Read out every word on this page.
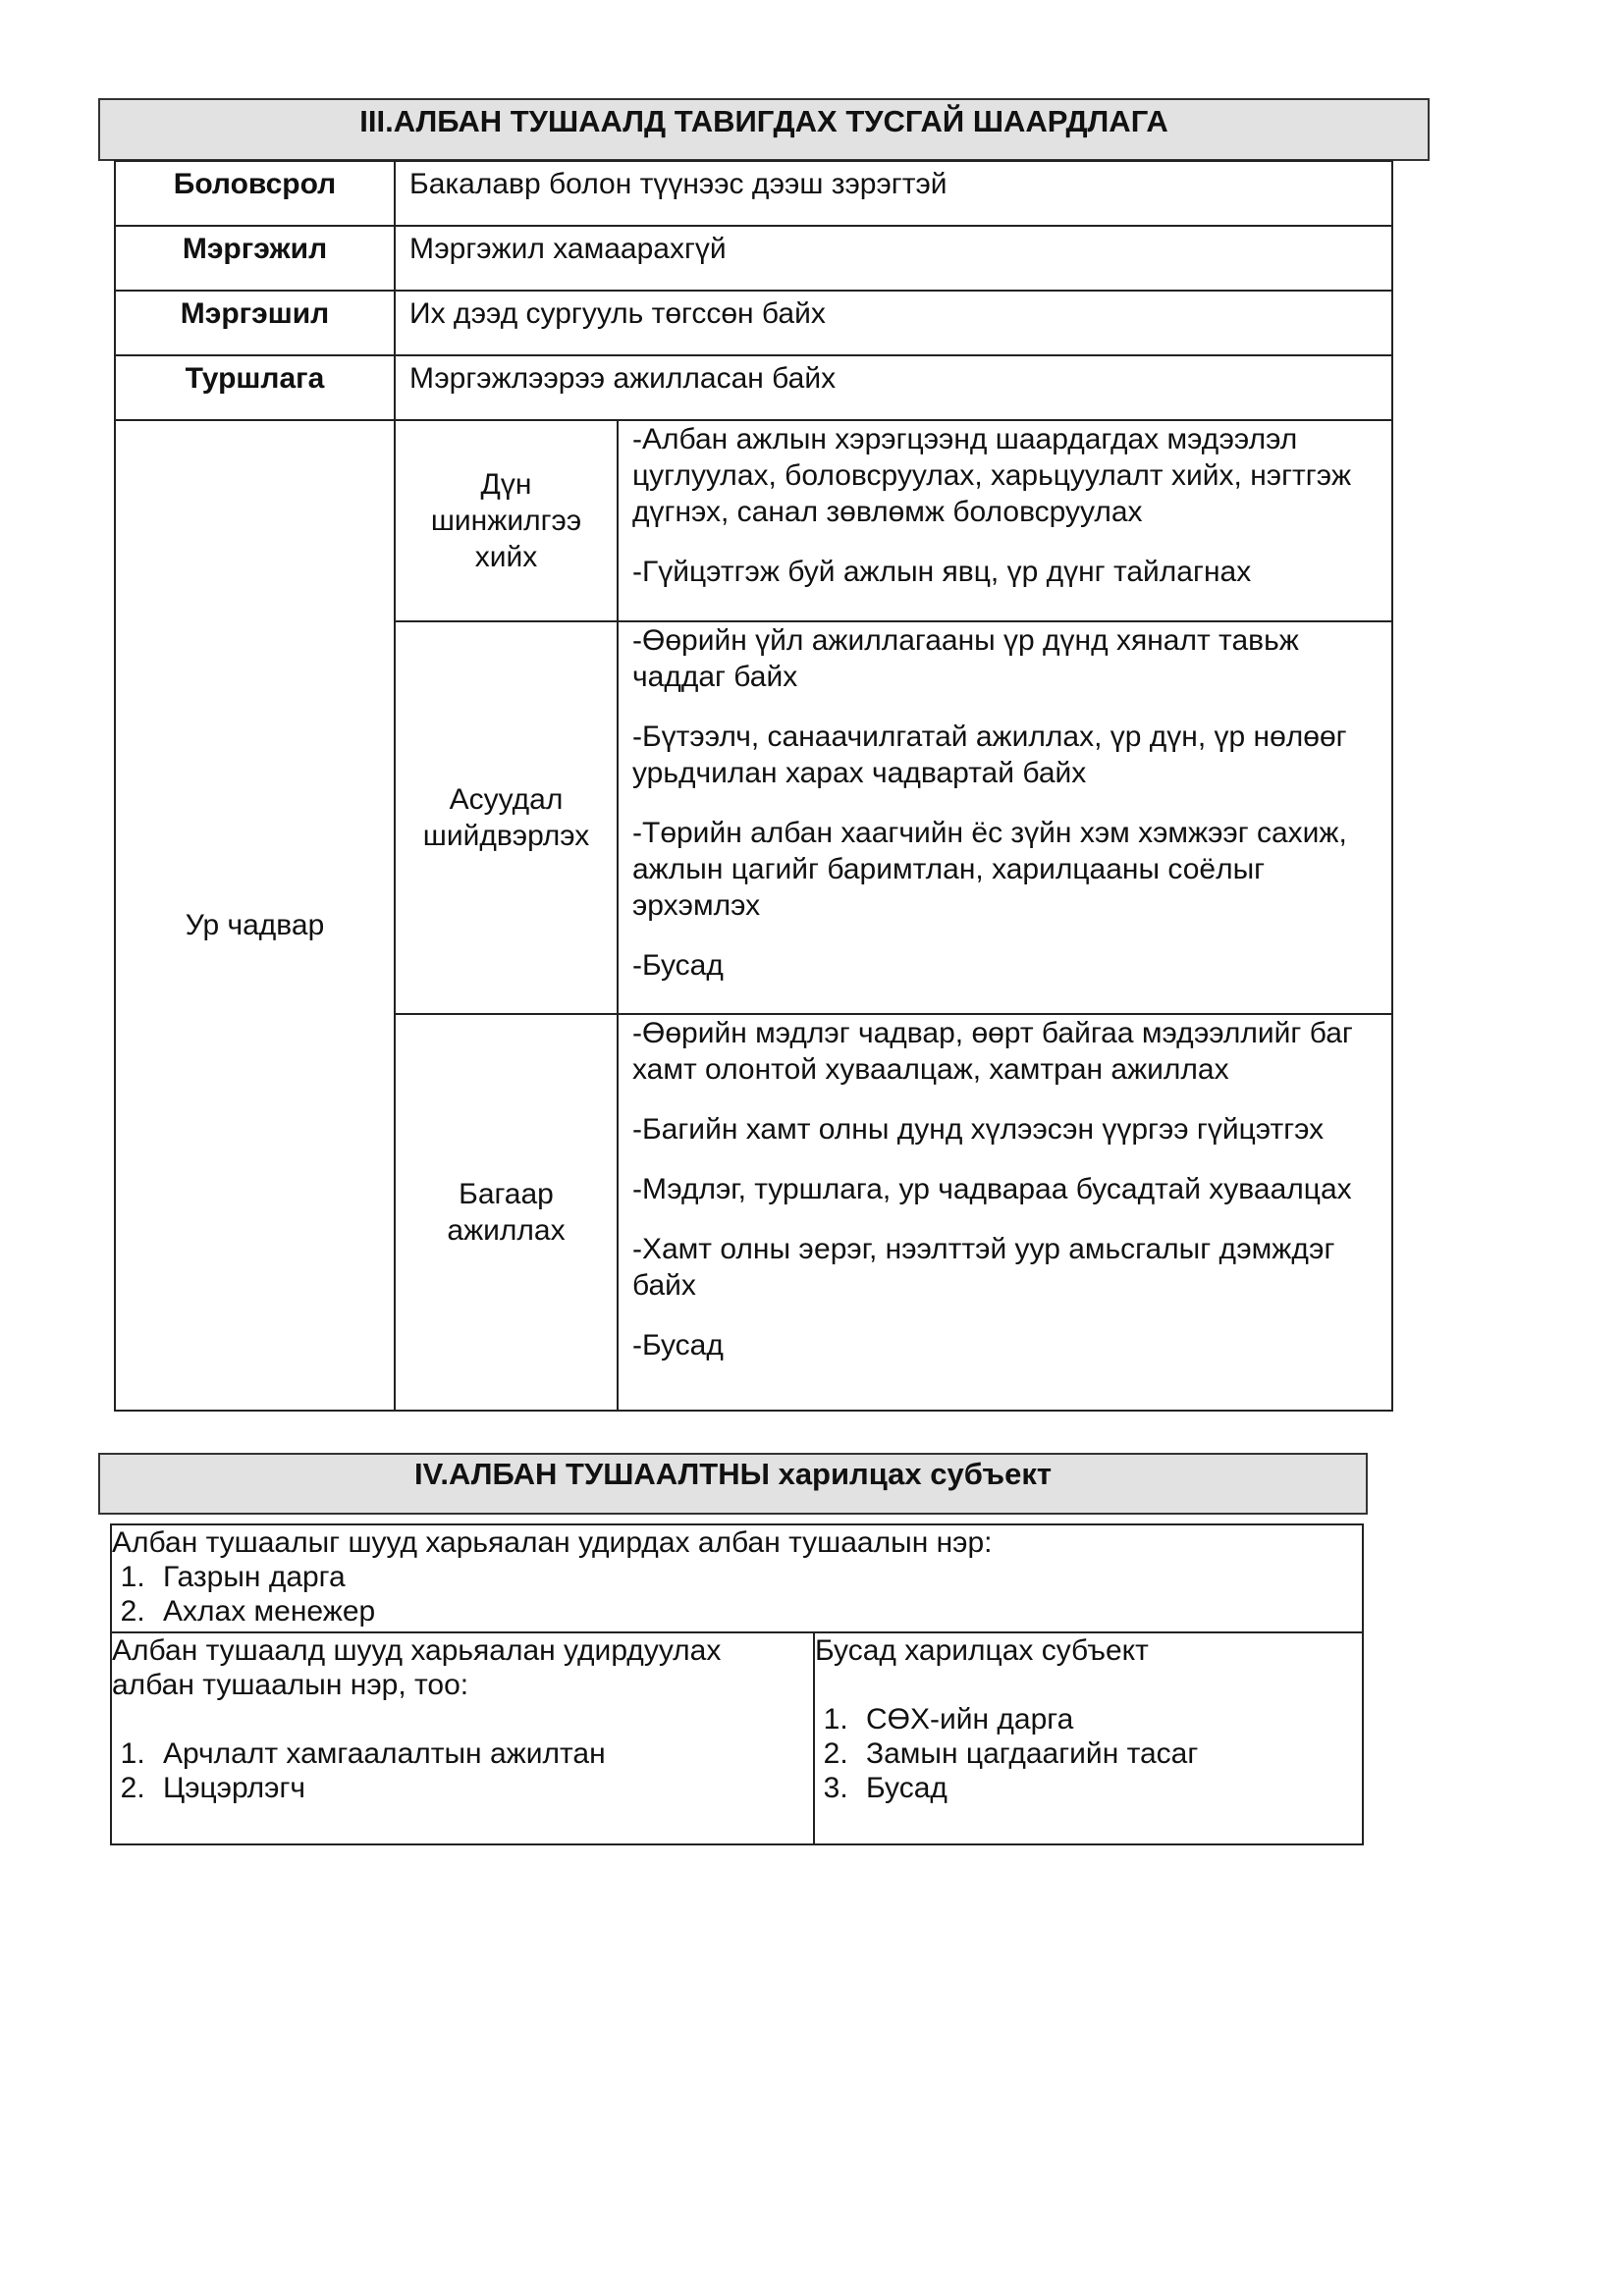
III.АЛБАН ТУШААЛД ТАВИГДАХ ТУСГАЙ ШААРДЛАГА
Боловсрол	Бакалавр болон түүнээс дээш зэрэгтэй	
Мэргэжил	Мэргэжил хамаарахгүй	
Мэргэшил	Их дээд сургууль төгссөн байх	
Туршлага	Мэргэжлээрээ ажилласан байх	
Ур чадвар	Дүн шинжилгээ хийх	-Албан ажлын хэрэгцээнд шаардагдах мэдээлэл цуглуулах, боловсруулах, харьцуулалт хийх, нэгтгэж дүгнэх, санал зөвлөмж боловсруулах

-Гүйцэтгэж буй ажлын явц, үр дүнг тайлагнах

	Асуудал шийдвэрлэх	-Өөрийн үйл ажиллагааны үр дүнд хяналт тавьж чаддаг байх

-Бүтээлч, санаачилгатай ажиллах, үр дүн, үр нөлөөг урьдчилан харах чадвартай байх

-Төрийн албан хаагчийн ёс зүйн хэм хэмжээг сахиж, ажлын цагийг баримтлан, харилцааны соёлыг эрхэмлэх

-Бусад

	Багаар ажиллах	-Өөрийн мэдлэг чадвар, өөрт байгаа мэдээллийг баг хамт олонтой хуваалцаж, хамтран ажиллах

-Багийн хамт олны дунд хүлээсэн үүргээ гүйцэтгэх

-Мэдлэг, туршлага, ур чадвараа бусадтай хуваалцах

-Хамт олны эерэг, нээлттэй уур амьсгалыг дэмждэг байх

-Бусад

IV.АЛБАН ТУШААЛТНЫ харилцах субъект
Албан тушаалыг шууд харьяалан удирдах албан тушаалын нэр:
1. Газрын дарга
2. Ахлах менежер

Албан тушаалд шууд харьяалан удирдуулах албан тушаалын нэр, тоо:
1. Арчлалт хамгаалалтын ажилтан
2. Цэцэрлэгч

Бусад харилцах субъект
1. СӨХ-ийн дарга
2. Замын цагдаагийн тасаг
3. Бусад
